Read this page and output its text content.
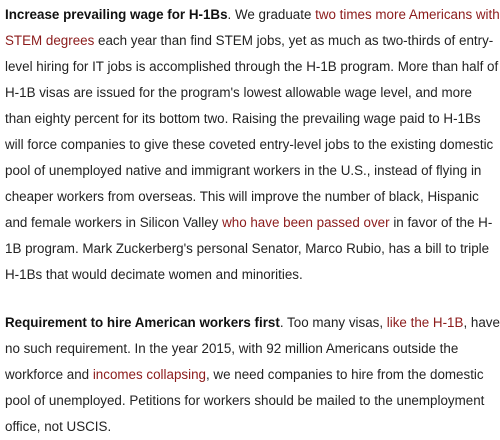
Increase prevailing wage for H-1Bs. We graduate two times more Americans with STEM degrees each year than find STEM jobs, yet as much as two-thirds of entry-level hiring for IT jobs is accomplished through the H-1B program. More than half of H-1B visas are issued for the program's lowest allowable wage level, and more than eighty percent for its bottom two. Raising the prevailing wage paid to H-1Bs will force companies to give these coveted entry-level jobs to the existing domestic pool of unemployed native and immigrant workers in the U.S., instead of flying in cheaper workers from overseas. This will improve the number of black, Hispanic and female workers in Silicon Valley who have been passed over in favor of the H-1B program. Mark Zuckerberg's personal Senator, Marco Rubio, has a bill to triple H-1Bs that would decimate women and minorities.

Requirement to hire American workers first. Too many visas, like the H-1B, have no such requirement. In the year 2015, with 92 million Americans outside the workforce and incomes collapsing, we need companies to hire from the domestic pool of unemployed. Petitions for workers should be mailed to the unemployment office, not USCIS.
